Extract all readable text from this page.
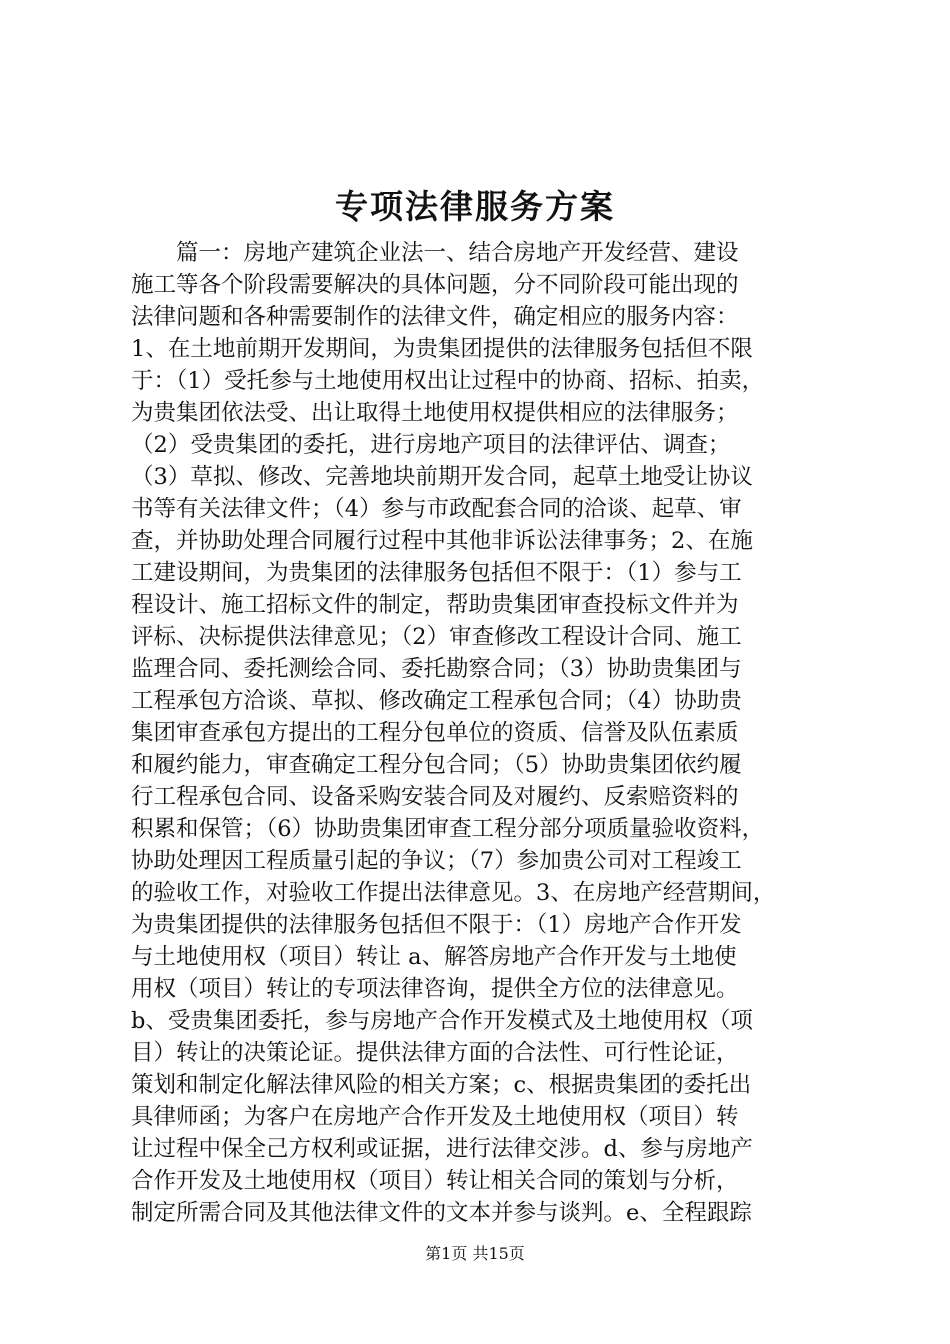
专项法律服务方案
　　篇一：房地产建筑企业法一、结合房地产开发经营、建设
施工等各个阶段需要解决的具体问题，分不同阶段可能出现的
法律问题和各种需要制作的法律文件，确定相应的服务内容：
1、在土地前期开发期间，为贵集团提供的法律服务包括但不限
于：（1）受托参与土地使用权出让过程中的协商、招标、拍卖，
为贵集团依法受、出让取得土地使用权提供相应的法律服务；
（2）受贵集团的委托，进行房地产项目的法律评估、调查；
（3）草拟、修改、完善地块前期开发合同，起草土地受让协议
书等有关法律文件；（4）参与市政配套合同的洽谈、起草、审
查，并协助处理合同履行过程中其他非诉讼法律事务；2、在施
工建设期间，为贵集团的法律服务包括但不限于：（1）参与工
程设计、施工招标文件的制定，帮助贵集团审查投标文件并为
评标、决标提供法律意见；（2）审查修改工程设计合同、施工
监理合同、委托测绘合同、委托勘察合同；（3）协助贵集团与
工程承包方洽谈、草拟、修改确定工程承包合同；（4）协助贵
集团审查承包方提出的工程分包单位的资质、信誉及队伍素质
和履约能力，审查确定工程分包合同；（5）协助贵集团依约履
行工程承包合同、设备采购安装合同及对履约、反索赔资料的
积累和保管；（6）协助贵集团审查工程分部分项质量验收资料，
协助处理因工程质量引起的争议；（7）参加贵公司对工程竣工
的验收工作，对验收工作提出法律意见。3、在房地产经营期间，
为贵集团提供的法律服务包括但不限于：（1）房地产合作开发
与土地使用权（项目）转让 a、解答房地产合作开发与土地使
用权（项目）转让的专项法律咨询，提供全方位的法律意见。
b、受贵集团委托，参与房地产合作开发模式及土地使用权（项
目）转让的决策论证。提供法律方面的合法性、可行性论证，
策划和制定化解法律风险的相关方案；c、根据贵集团的委托出
具律师函；为客户在房地产合作开发及土地使用权（项目）转
让过程中保全己方权利或证据，进行法律交涉。d、参与房地产
合作开发及土地使用权（项目）转让相关合同的策划与分析，
制定所需合同及其他法律文件的文本并参与谈判。e、全程跟踪
第1页 共15页
